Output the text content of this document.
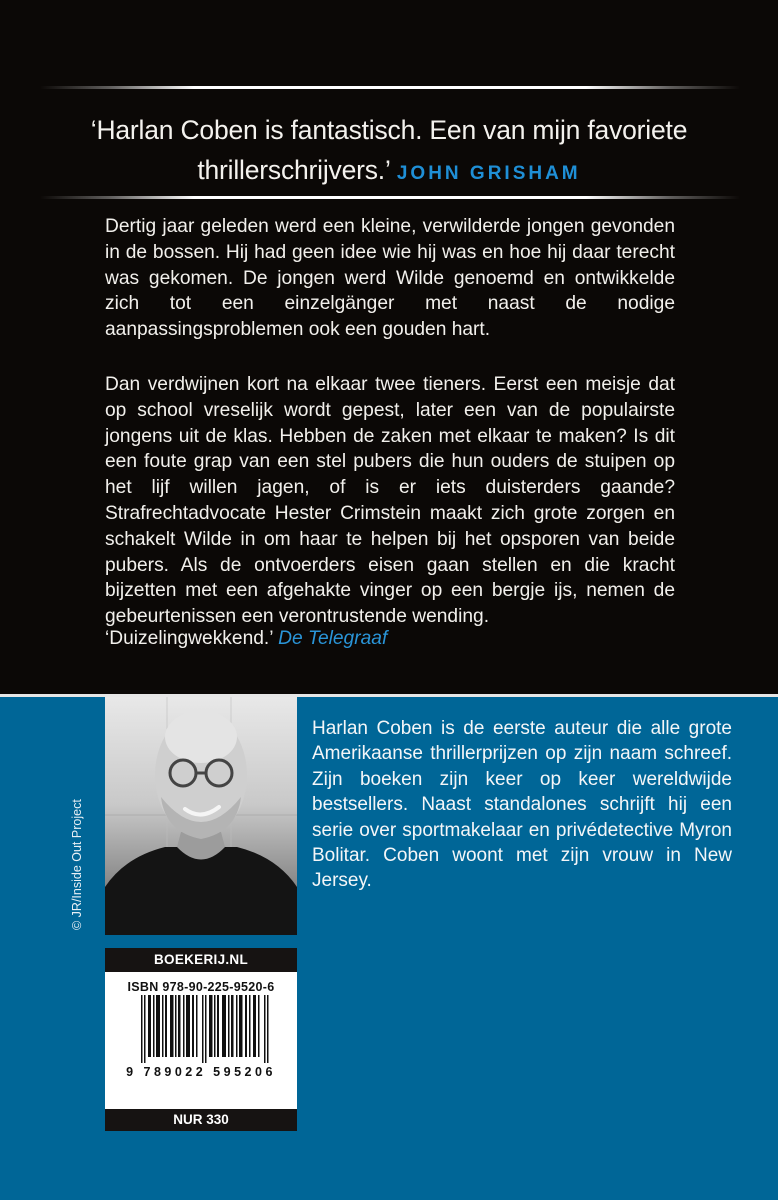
‘Harlan Coben is fantastisch. Een van mijn favoriete thrillerschrijvers.’ JOHN GRISHAM

Dertig jaar geleden werd een kleine, verwilderde jongen gevonden in de bossen. Hij had geen idee wie hij was en hoe hij daar terecht was gekomen. De jongen werd Wilde genoemd en ontwikkelde zich tot een einzelgänger met naast de nodige aanpassingsproblemen ook een gouden hart.

Dan verdwijnen kort na elkaar twee tieners. Eerst een meisje dat op school vreselijk wordt gepest, later een van de populairste jongens uit de klas. Hebben de zaken met elkaar te maken? Is dit een foute grap van een stel pubers die hun ouders de stuipen op het lijf willen jagen, of is er iets duisterders gaande? Strafrechtadvocate Hester Crimstein maakt zich grote zorgen en schakelt Wilde in om haar te helpen bij het opsporen van beide pubers. Als de ontvoerders eisen gaan stellen en die kracht bijzetten met een afgehakte vinger op een bergje ijs, nemen de gebeurtenissen een verontrustende wending.

‘Duizelingwekkend.’ De Telegraaf
© JR/Inside Out Project
Harlan Coben is de eerste auteur die alle grote Amerikaanse thrillerprijzen op zijn naam schreef. Zijn boeken zijn keer op keer wereldwijde bestsellers. Naast standalones schrijft hij een serie over sportmakelaar en privédetective Myron Bolitar. Coben woont met zijn vrouw in New Jersey.
BOEKERIJ.NL
ISBN 978-90-225-9520-6
9 789022 595206
NUR 330
